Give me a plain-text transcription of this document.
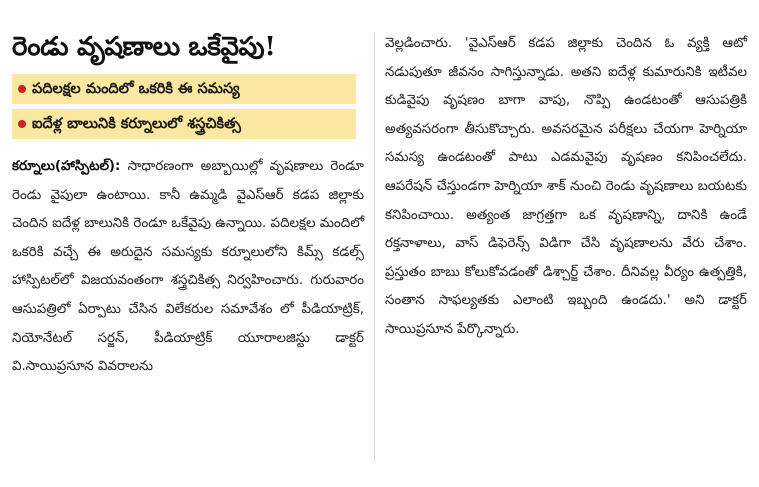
రెండు వృషణాలు ఒకేవైపు!
పదిలక్షల మందిలో ఒకరికి ఈ సమస్య
ఐదేళ్ల బాలునికి కర్నూలులో శస్త్రచికిత్స

కర్నూలు(హాస్పిటల్): సాధారణంగా అబ్బాయిల్లో వృషణాలు రెండూ రెండు వైపులా ఉంటాయి. కానీ ఉమ్మడి వైఎస్‌ఆర్ కడప జిల్లాకు చెందిన ఐదేళ్ల బాలునికి రెండూ ఒకేవైపు ఉన్నాయి. పదిలక్షల మందిలో ఒకరికి వచ్చే ఈ అరుదైన సమస్యకు కర్నూలులోని కిమ్స్ కడల్స్ హాస్పిటల్‌లో విజయవంతంగా శస్త్రచికిత్స నిర్వహించారు. గురువారం ఆసుపత్రిలో ఏర్పాటు చేసిన విలేకరుల సమావేశం లో పీడియాట్రిక్, నియోనేటల్ సర్జన్, పీడియాట్రిక్ యూరాలజిస్టు డాక్టర్ వి.సాయిప్రసూన వివరాలను

వెల్లడించారు. 'వైఎస్‌ఆర్ కడప జిల్లాకు చెందిన ఓ వ్యక్తి ఆటో నడుపుతూ జీవనం సాగిస్తున్నాడు. అతని ఐదేళ్ల కుమారునికి ఇటీవల కుడివైపు వృషణం బాగా వాపు, నొప్పి ఉండటంతో ఆసుపత్రికి అత్యవసరంగా తీసుకొచ్చారు. అవసరమైన పరీక్షలు చేయగా హెర్నియా సమస్య ఉండటంతో పాటు ఎడమవైపు వృషణం కనిపించలేదు. ఆపరేషన్ చేస్తుండగా హెర్నియా శాక్ నుంచి రెండు వృషణాలు బయటకు కనిపించాయి. అత్యంత జాగ్రత్తగా ఒక వృషణాన్ని, దానికి ఉండే రక్తనాళాలు, వాస్ డిఫెరెన్స్ విడిగా చేసి వృషణాలను వేరు చేశాం. ప్రస్తుతం బాబు కోలుకోవడంతో డిశ్చార్జ్ చేశాం. దీనివల్ల వీర్యం ఉత్పత్తికి, సంతాన సాఫల్యతకు ఎలాంటి ఇబ్బంది ఉండదు.' అని డాక్టర్ సాయిప్రసూన పేర్కొన్నారు.
